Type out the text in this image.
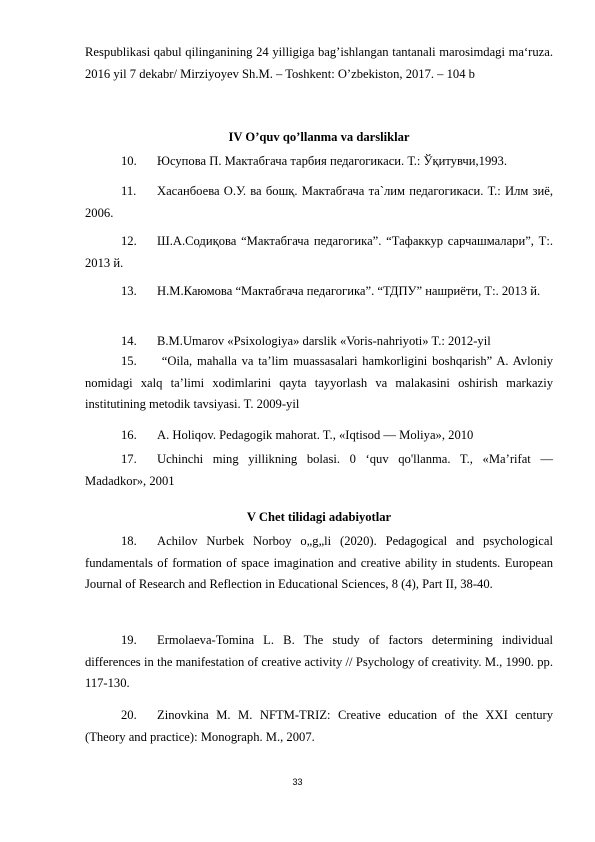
Respublikasi qabul qilinganining 24 yilligiga bag’ishlangan tantanali marosimdagi ma‘ruza. 2016 yil 7 dekabr/ Mirziyoyev Sh.M. – Toshkent: O’zbekiston, 2017. – 104 b

IV O’quv qo’llanma va darsliklar

10. Юсупова П. Мактабгача тарбия педагогикаси. Т.: Ўқитувчи,1993.

11. Хасанбоева О.У. ва бошқ. Мактабгача та`лим педагогикаси. Т.: Илм зиё, 2006.

12. Ш.А.Содиқова “Мактабгача педагогика”. “Тафаккур сарчашмалари”, Т:. 2013 й.

13. Н.М.Каюмова “Мактабгача педагогика”. “ТДПУ” нашриёти, Т:. 2013 й.

14. B.M.Umarov «Psixologiya» darslik «Voris-nahriyoti» T.: 2012-yil

15. “Oila, mahalla va ta’lim muassasalari hamkorligini boshqarish” A. Avloniy nomidagi xalq ta’limi xodimlarini qayta tayyorlash va malakasini oshirish markaziy institutining metodik tavsiyasi. T. 2009-yil

16. A. Holiqov. Pedagogik mahorat. T., «Iqtisod — Moliya», 2010

17. Uchinchi ming yillikning bolasi. 0 ‘quv qo'llanma. T., «Ma’rifat — Madadkor», 2001

V Chet tilidagi adabiyotlar

18. Achilov Nurbek Norboy o„g„li (2020). Pedagogical and psychological fundamentals of formation of space imagination and creative ability in students. European Journal of Research and Reflection in Educational Sciences, 8 (4), Part II, 38-40.

19. Ermolaeva-Tomina L. B. The study of factors determining individual differences in the manifestation of creative activity // Psychology of creativity. M., 1990. pp. 117-130.

20. Zinovkina M. M. NFTM-TRIZ: Creative education of the XXI century (Theory and practice): Monograph. M., 2007.

33
